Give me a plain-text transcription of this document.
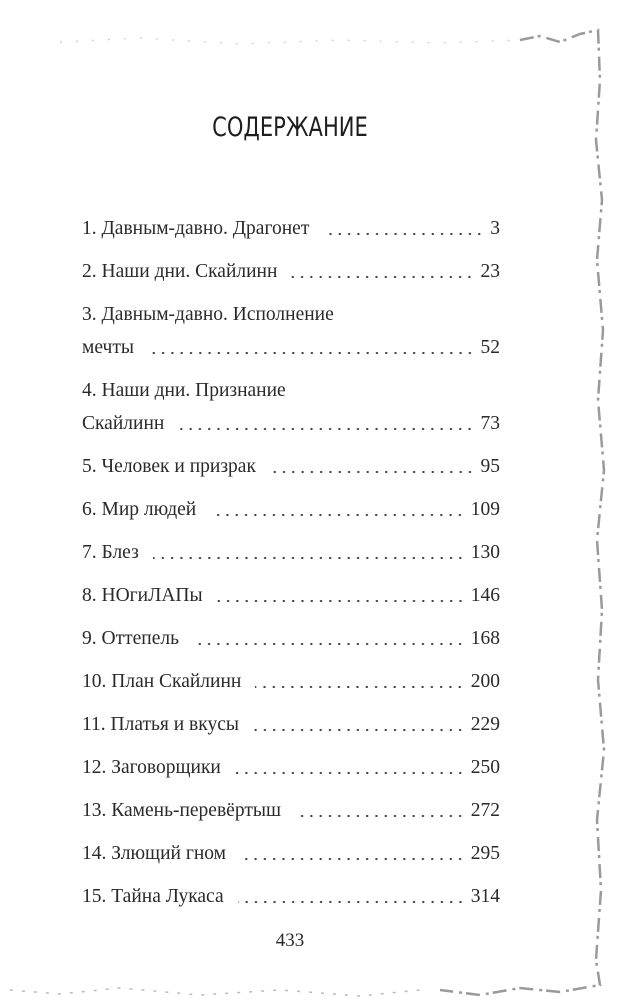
СОДЕРЖАНИЕ
1. Давным-давно. Драгонет	3
2. Наши дни. Скайлинн	23
3. Давным-давно. Исполнение
мечты	52
4. Наши дни. Признание
Скайлинн	73
5. Человек и призрак	95
6. Мир людей	109
7. Блез	130
8. НОгиЛАПы	146
9. Оттепель	168
10. План Скайлинн	200
11. Платья и вкусы	229
12. Заговорщики	250
13. Камень-перевёртыш	272
14. Злющий гном	295
15. Тайна Лукаса	314
433
